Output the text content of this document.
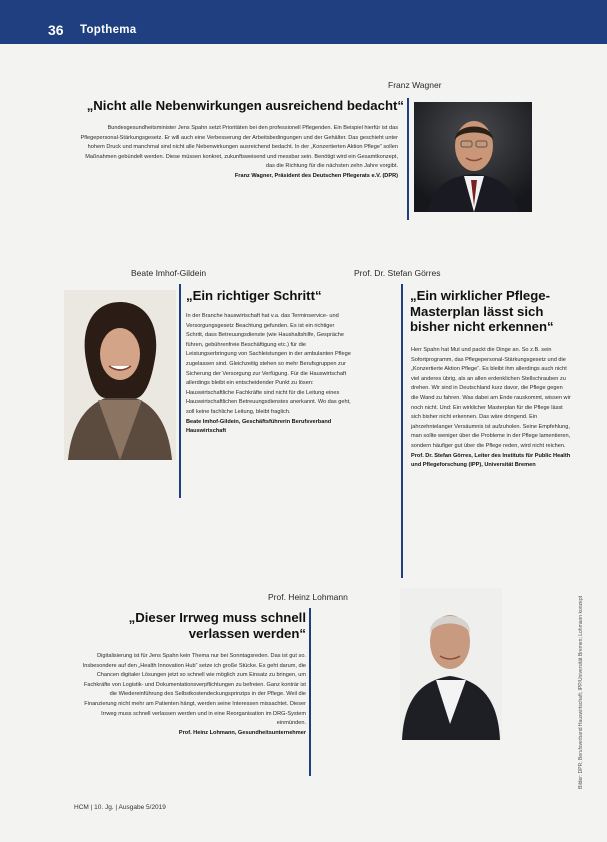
36 Topthema
Franz Wagner
„Nicht alle Nebenwirkungen ausreichend bedacht“

Bundesgesundheitsminister Jens Spahn setzt Prioritäten bei den professionell Pflegenden. Ein Beispiel hierfür ist das Pflegepersonal-Stärkungsgesetz. Er will auch eine Verbesserung der Arbeitsbedingungen und der Gehälter. Das geschieht unter hohem Druck und manchmal sind nicht alle Nebenwirkungen ausreichend bedacht. In der „Konzertierten Aktion Pflege“ sollen Maßnahmen gebündelt werden. Diese müssen konkret, zukunftsweisend und messbar sein. Benötigt wird ein Gesamtkonzept, das die Richtung für die nächsten zehn Jahre vorgibt.

Franz Wagner, Präsident des Deutschen Pflegerats e.V. (DPR)

Beate Imhof-Gildein
„Ein richtiger Schritt“

In der Branche hauswirtschaft hat v.a. das Terminservice- und Versorgungsgesetz Beachtung gefunden. Es ist ein richtiger Schritt, dass Betreuungsdienste (wie Haushaltshilfe, Gespräche führen, gebührenfreie Beschäftigung etc.) für die Leistungserbringung von Sachleistungen in der ambulanten Pflege zugelassen sind. Gleichzeitig stehen so mehr Berufsgruppen zur Sicherung der Versorgung zur Verfügung. Für die Hauswirtschaft allerdings bleibt ein entscheidender Punkt zu lösen: Hauswirtschaftliche Fachkräfte sind nicht für die Leitung eines Hauswirtschaftlichen Betreuungsdienstes anerkannt. Wo das geht, soll keine fachliche Leitung, bleibt fraglich.

Beate Imhof-Gildein, Geschäftsführerin Berufsverband Hauswirtschaft

Prof. Dr. Stefan Görres
„Ein wirklicher Pflege-Masterplan lässt sich bisher nicht erkennen“

Herr Spahn hat Mut und packt die Dinge an. So z.B. sein Sofortprogramm, das Pflegepersonal-Stärkungsgesetz und die „Konzertierte Aktion Pflege“. Es bleibt ihm allerdings auch nicht viel anderes übrig, als an allen erdenklichen Stellschrauben zu drehen. Wir sind in Deutschland kurz davor, die Pflege gegen die Wand zu fahren. Was dabei am Ende rauskommt, wissen wir noch nicht. Und: Ein wirklicher Masterplan für die Pflege lässt sich bisher nicht erkennen. Das wäre dringend. Ein jahrzehntelanger Versäumnis ist aufzuholen. Seine Empfehlung, man sollte weniger über die Probleme in der Pflege lamentieren, sondern häufiger gut über die Pflege reden, wird nicht reichen.

Prof. Dr. Stefan Görres, Leiter des Instituts für Public Health und Pflegeforschung (IPP), Universität Bremen

Prof. Heinz Lohmann
„Dieser Irrweg muss schnell verlassen werden“

Digitalisierung ist für Jens Spahn kein Thema nur bei Sonntagsreden. Das ist gut so. Insbesondere auf den „Health Innovation Hub“ setze ich große Stücke. Es geht darum, die Chancen digitaler Lösungen jetzt so schnell wie möglich zum Einsatz zu bringen, um Fachkräfte von Logistik- und Dokumentationsverpflichtungen zu befreien. Ganz konträr ist die Wiedereinführung des Selbstkostendeckungsprinzips in der Pflege. Weil die Finanzierung nicht mehr am Patienten hängt, werden seine Interessen missachtet. Dieser Irrweg muss schnell verlassen werden und in eine Reorganisation im DRG-System einmünden.

Prof. Heinz Lohmann, Gesundheitsunternehmer	Bilder: DPR; Berufsverband Hauswirtschaft; IPP/Universität Bremen; Lohmann konzept
HCM | 10. Jg. | Ausgabe 5/2019
